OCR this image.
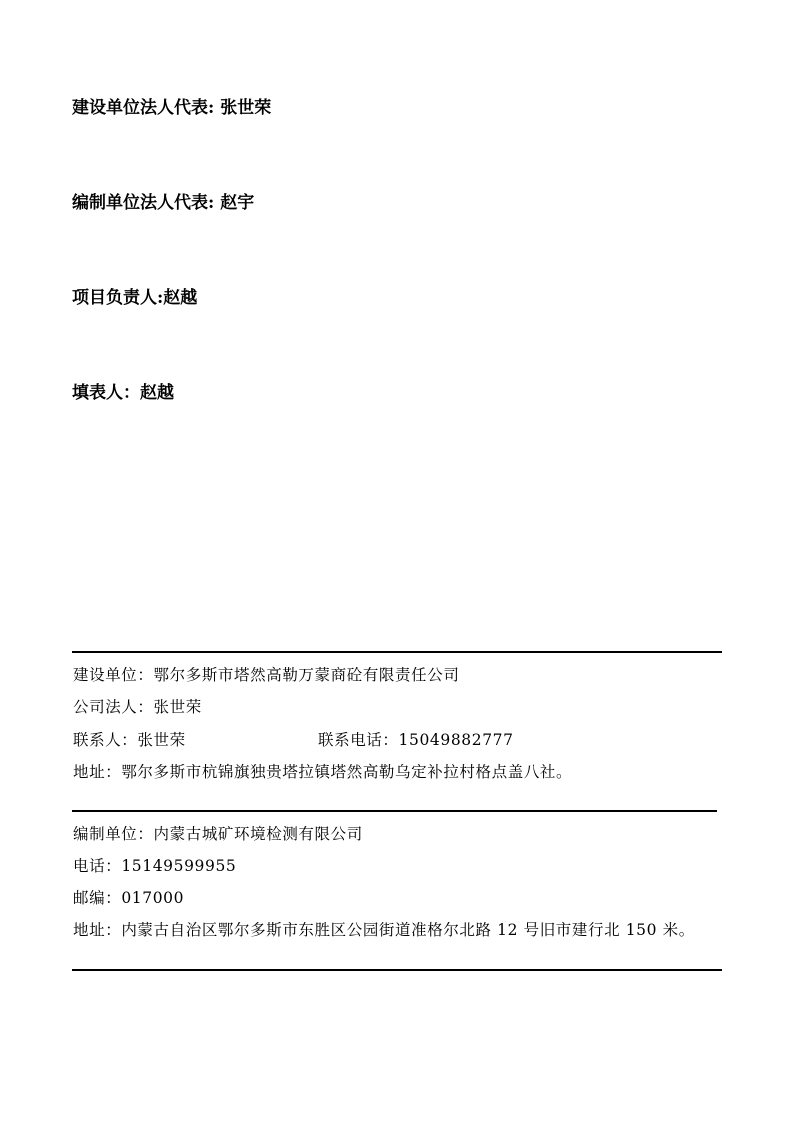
建设单位法人代表: 张世荣
编制单位法人代表: 赵宇
项目负责人:赵越
填表人：赵越
建设单位：鄂尔多斯市塔然高勒万蒙商砼有限责任公司
公司法人：张世荣
联系人：张世荣	联系电话：15049882777
地址：鄂尔多斯市杭锦旗独贵塔拉镇塔然高勒乌定补拉村格点盖八社。
编制单位：内蒙古城矿环境检测有限公司
电话：15149599955
邮编：017000
地址：内蒙古自治区鄂尔多斯市东胜区公园街道准格尔北路 12 号旧市建行北 150 米。
